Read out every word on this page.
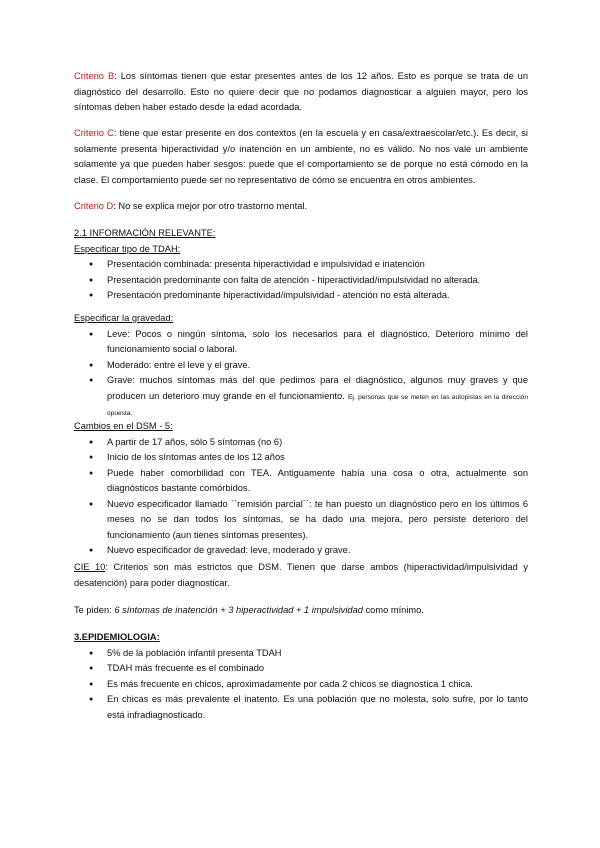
Criterio B: Los síntomas tienen que estar presentes antes de los 12 años. Esto es porque se trata de un diagnóstico del desarrollo. Esto no quiere decir que no podamos diagnosticar a alguien mayor, pero los síntomas deben haber estado desde la edad acordada.

Criterio C: tiene que estar presente en dos contextos (en la escuela y en casa/extraescolar/etc.). Es decir, si solamente presenta hiperactividad y/o inatención en un ambiente, no es válido. No nos vale un ambiente solamente ya que pueden haber sesgos: puede que el comportamiento se de porque no está cómodo en la clase. El comportamiento puede ser no representativo de cómo se encuentra en otros ambientes.

Criterio D: No se explica mejor por otro trastorno mental.

2.1 INFORMACIÓN RELEVANTE:

Especificar tipo de TDAH:

● Presentación combinada: presenta hiperactividad e impulsividad e inatención
● Presentación predominante con falta de atención - hiperactividad/impulsividad no alterada.
● Presentación predominante hiperactividad/impulsividad - atención no está alterada.

Especificar la gravedad:

● Leve: Pocos o ningún síntoma, solo los necesarios para el diagnóstico. Deterioro mínimo del funcionamiento social o laboral.
● Moderado: entre el leve y el grave.
● Grave: muchos síntomas más del que pedimos para el diagnóstico, algunos muy graves y que producen un deterioro muy grande en el funcionamiento. Ej. personas que se meten en las autopistas en la dirección opuesta.

Cambios en el DSM - 5:

● A partir de 17 años, sólo 5 síntomas (no 6)
● Inicio de los síntomas antes de los 12 años
● Puede haber comorbilidad con TEA. Antiguamente había una cosa o otra, actualmente son diagnósticos bastante comórbidos.
● Nuevo especificador llamado ``remisión parcial´´: te han puesto un diagnóstico pero en los últimos 6 meses no se dan todos los síntomas, se ha dado una mejora, pero persiste deterioro del funcionamiento (aun tienes síntomas presentes).
● Nuevo especificador de gravedad: leve, moderado y grave.

CIE 10: Criterios son más estrictos que DSM. Tienen que darse ambos (hiperactividad/impulsividad y desatención) para poder diagnosticar.

Te piden: 6 síntomas de inatención + 3 hiperactividad + 1 impulsividad como mínimo.

3.EPIDEMIOLOGIA:

● 5% de la población infantil presenta TDAH
● TDAH más frecuente es el combinado
● Es más frecuente en chicos, aproximadamente por cada 2 chicos se diagnostica 1 chica.
● En chicas es más prevalente el inatento. Es una población que no molesta, solo sufre, por lo tanto está infradiagnosticado.
